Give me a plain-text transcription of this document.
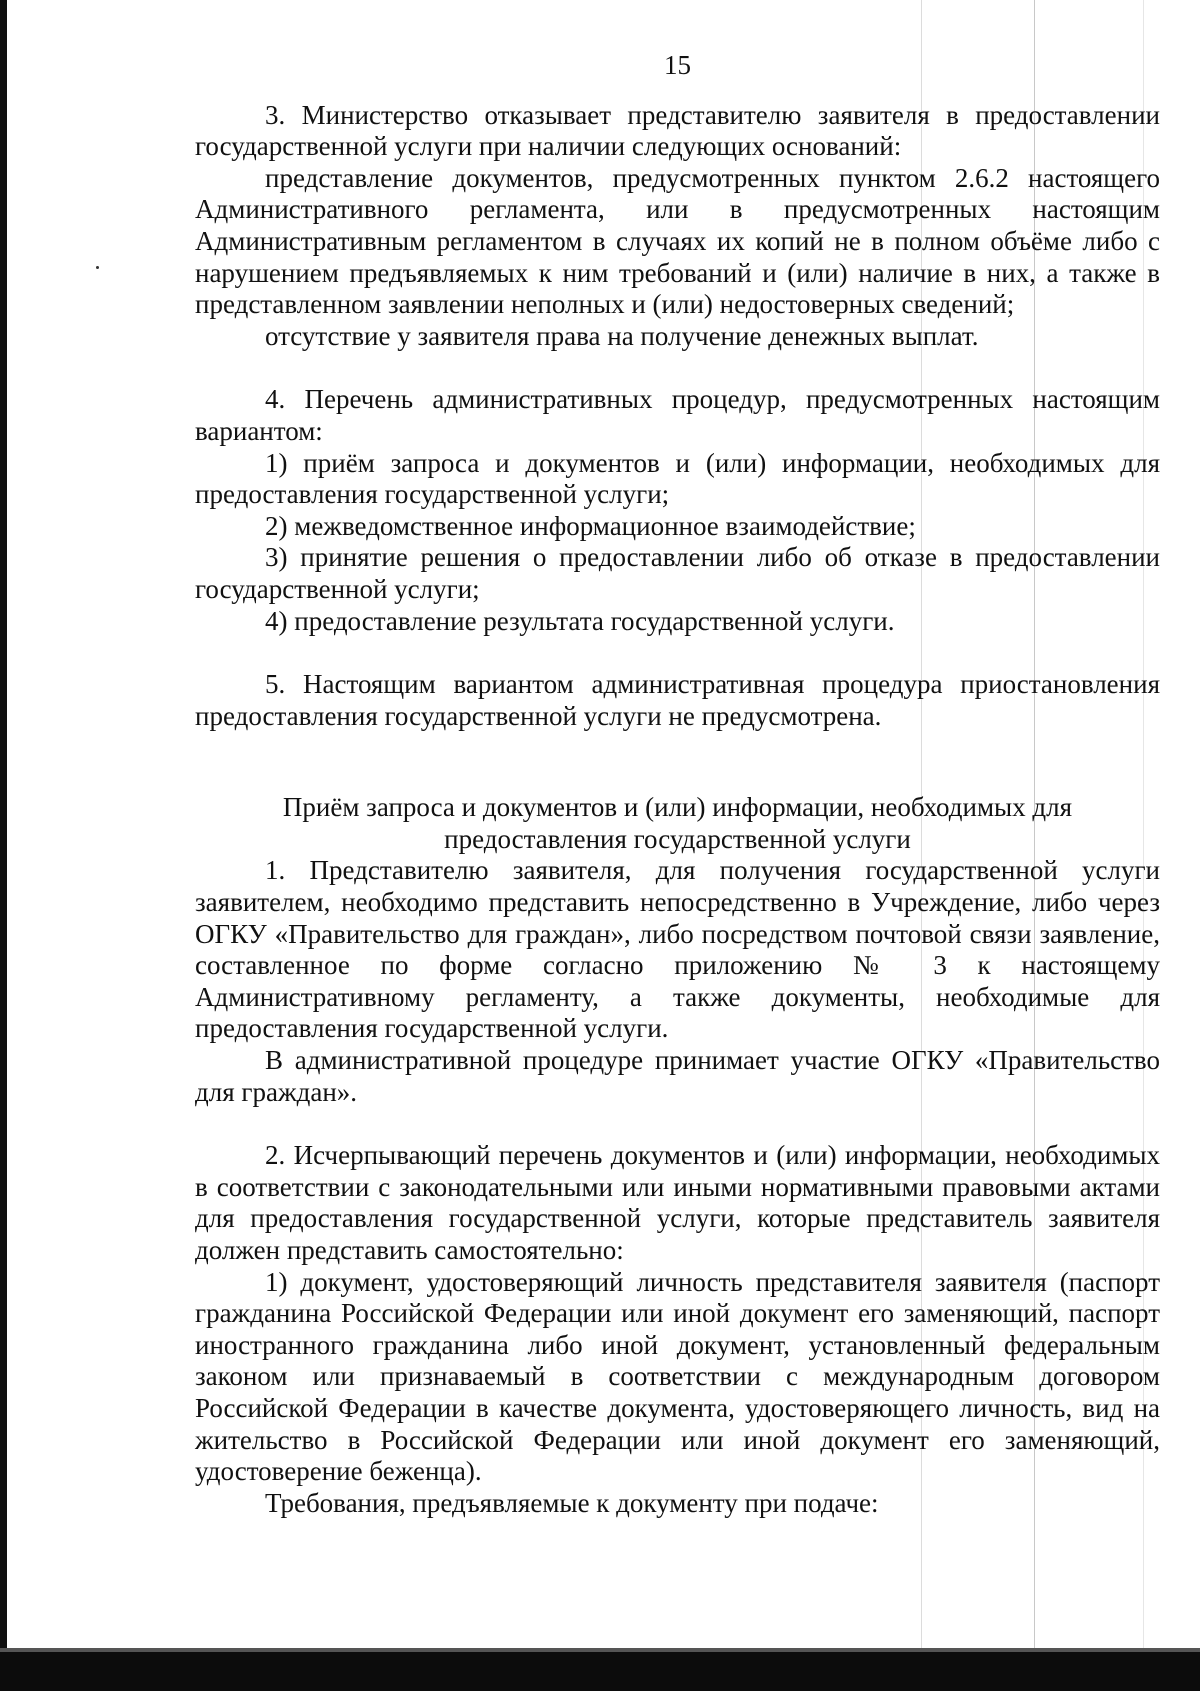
15

3. Министерство отказывает представителю заявителя в предоставлении государственной услуги при наличии следующих оснований:

представление документов, предусмотренных пунктом 2.6.2 настоящего Административного регламента, или в предусмотренных настоящим Административным регламентом в случаях их копий не в полном объёме либо с нарушением предъявляемых к ним требований и (или) наличие в них, а также в представленном заявлении неполных и (или) недостоверных сведений;

отсутствие у заявителя права на получение денежных выплат.

4. Перечень административных процедур, предусмотренных настоящим вариантом:

1) приём запроса и документов и (или) информации, необходимых для предоставления государственной услуги;

2) межведомственное информационное взаимодействие;

3) принятие решения о предоставлении либо об отказе в предоставлении государственной услуги;

4) предоставление результата государственной услуги.

5. Настоящим вариантом административная процедура приостановления предоставления государственной услуги не предусмотрена.

Приём запроса и документов и (или) информации, необходимых для
предоставления государственной услуги

1. Представителю заявителя, для получения государственной услуги заявителем, необходимо представить непосредственно в Учреждение, либо через ОГКУ «Правительство для граждан», либо посредством почтовой связи заявление, составленное по форме согласно приложению № 3 к настоящему Административному регламенту, а также документы, необходимые для предоставления государственной услуги.

В административной процедуре принимает участие ОГКУ «Правительство для граждан».

2. Исчерпывающий перечень документов и (или) информации, необходимых в соответствии с законодательными или иными нормативными правовыми актами для предоставления государственной услуги, которые представитель заявителя должен представить самостоятельно:

1) документ, удостоверяющий личность представителя заявителя (паспорт гражданина Российской Федерации или иной документ его заменяющий, паспорт иностранного гражданина либо иной документ, установленный федеральным законом или признаваемый в соответствии с международным договором Российской Федерации в качестве документа, удостоверяющего личность, вид на жительство в Российской Федерации или иной документ его заменяющий, удостоверение беженца).

Требования, предъявляемые к документу при подаче:
